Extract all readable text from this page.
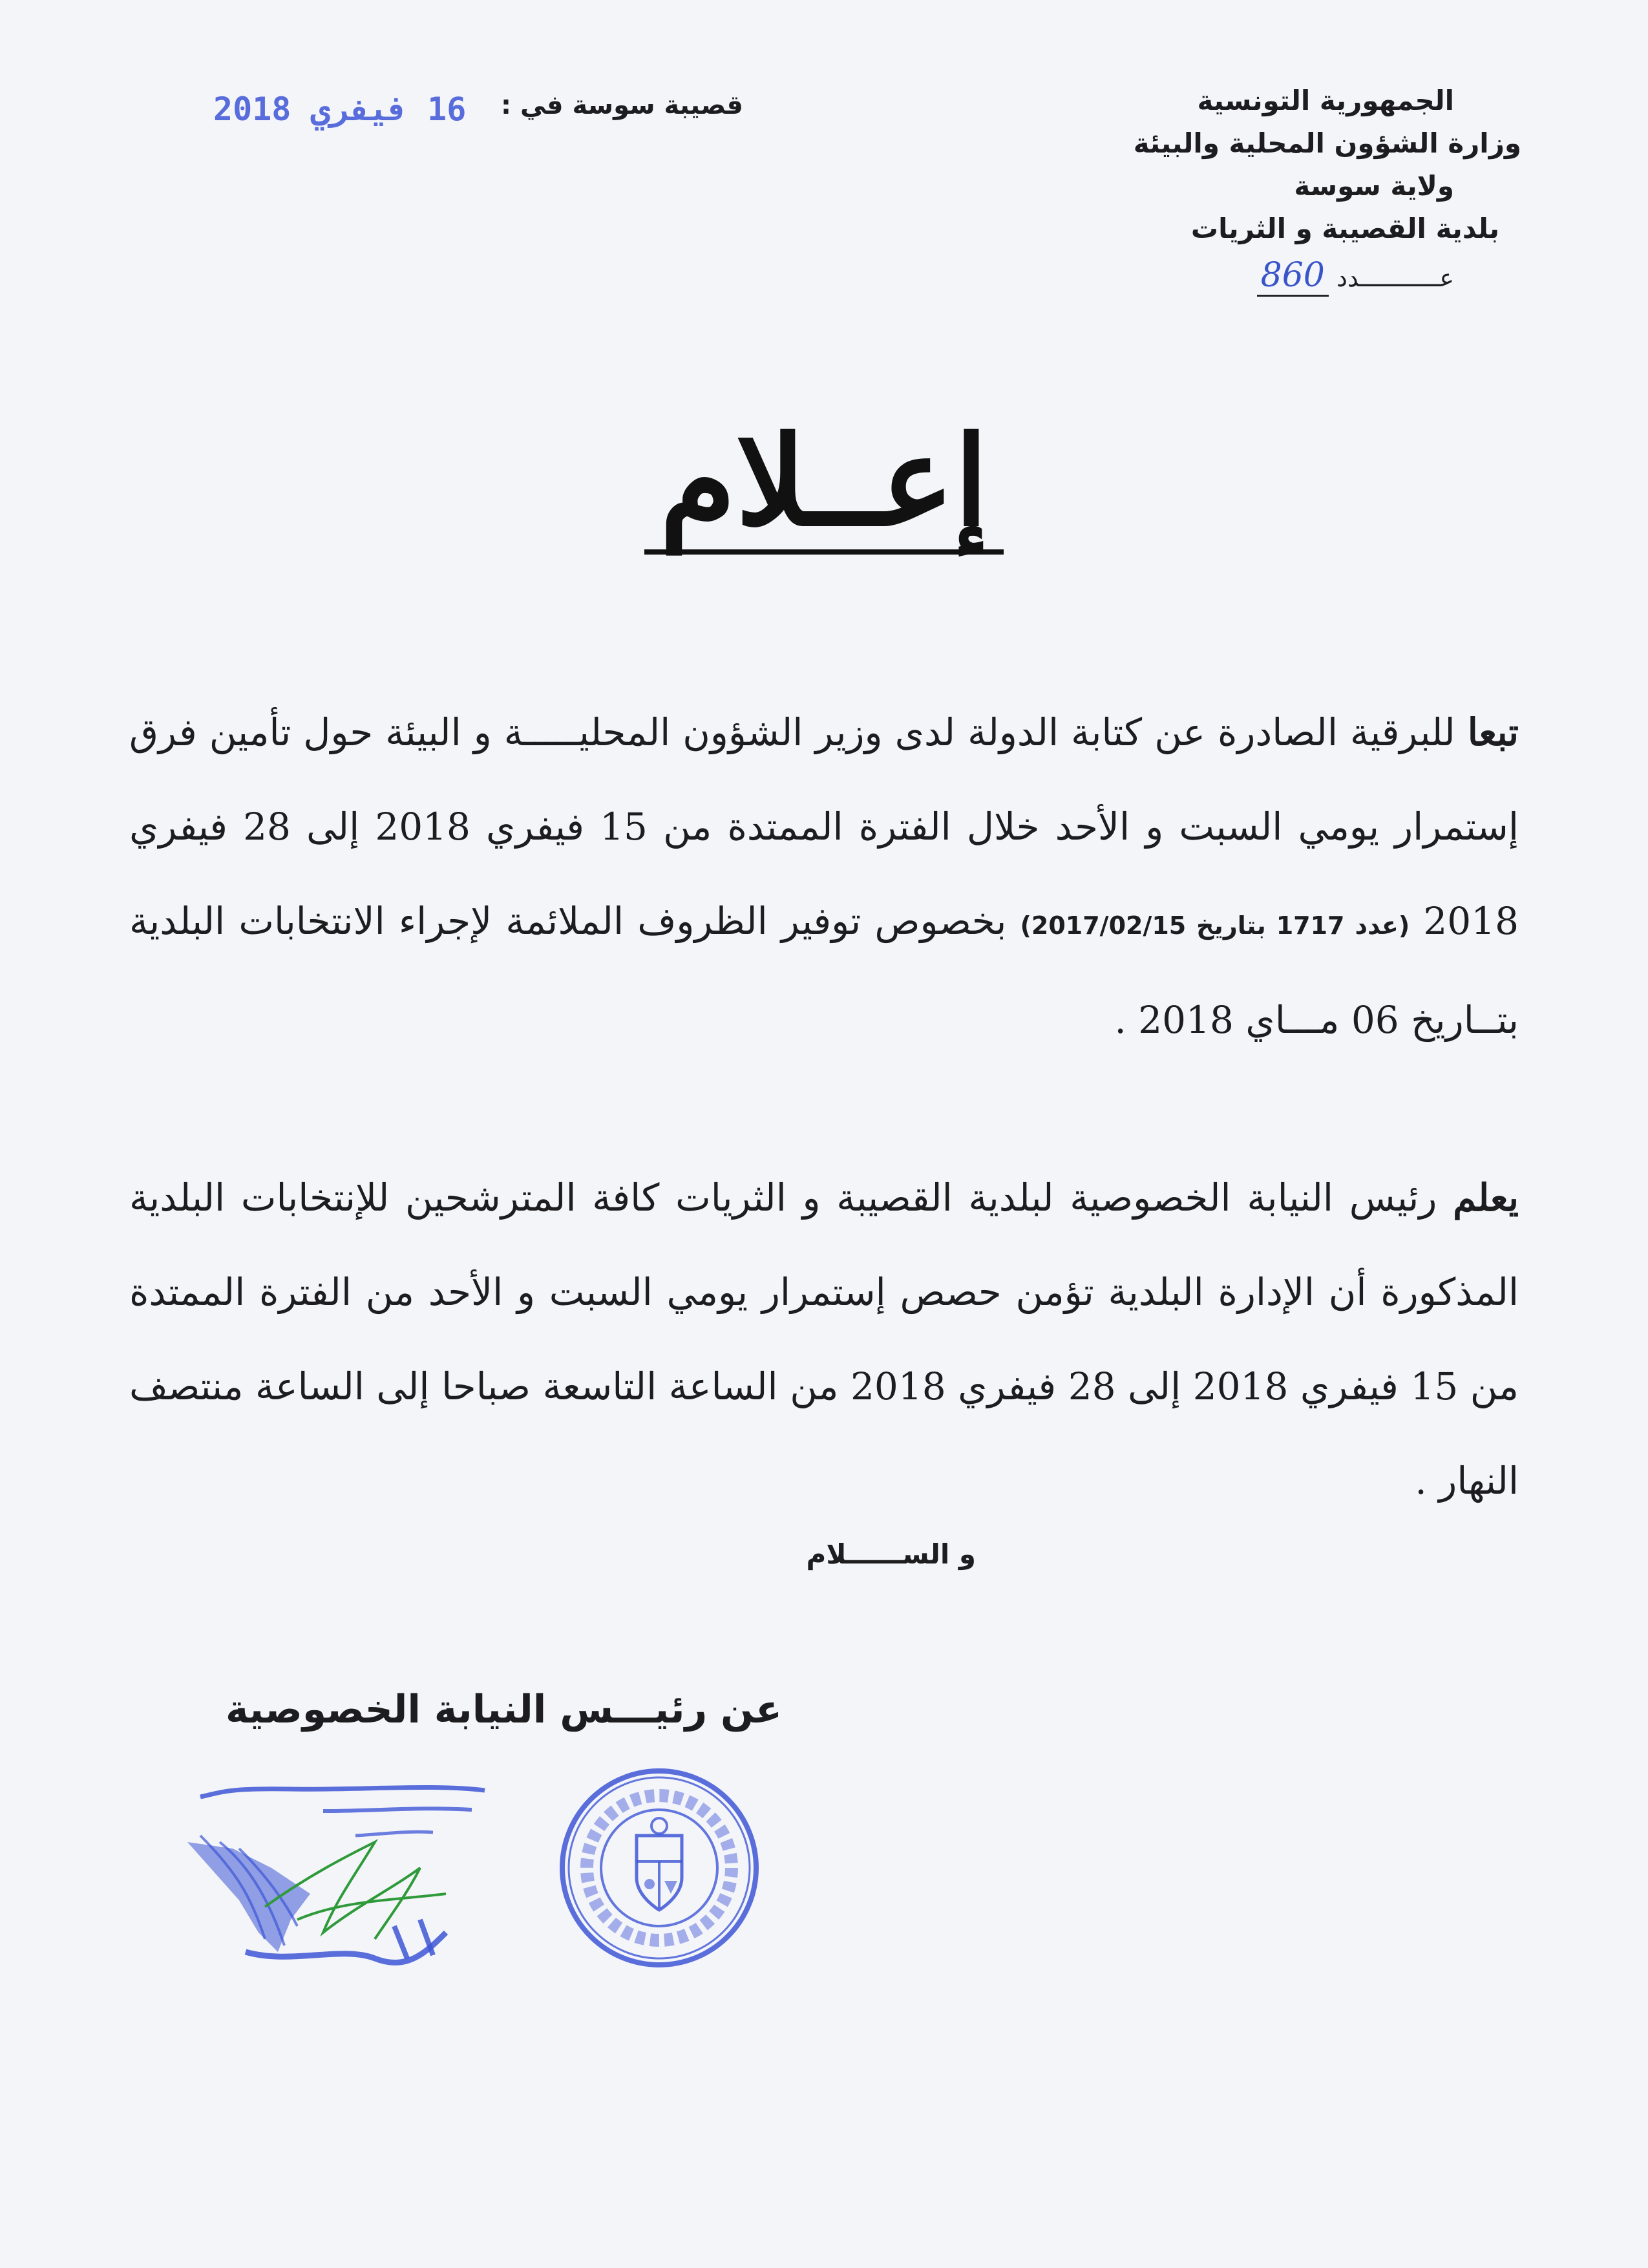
الجمهورية التونسية
وزارة الشؤون المحلية والبيئة
ولاية سوسة
بلدية القصيبة و الثريات
عـــــــــــدد 860
قصيبة سوسة في :
16 فيفري 2018
إعــلام
تبعا للبرقية الصادرة عن كتابة الدولة لدى وزير الشؤون المحليـــــة و البيئة حول تأمين فرق إستمرار يومي السبت و الأحد خلال الفترة الممتدة من 15 فيفري 2018 إلى 28 فيفري 2018 (عدد 1717 بتاريخ 2017/02/15) بخصوص توفير الظروف الملائمة لإجراء الانتخابات البلدية بتــاريخ 06 مـــاي 2018 .
يعلم رئيس النيابة الخصوصية لبلدية القصيبة و الثريات كافة المترشحين للإنتخابات البلدية المذكورة أن الإدارة البلدية تؤمن حصص إستمرار يومي السبت و الأحد من الفترة الممتدة من 15 فيفري 2018 إلى 28 فيفري 2018 من الساعة التاسعة صباحا إلى الساعة منتصف النهار .
و الســــــلام
عن رئيـــس النيابة الخصوصية
